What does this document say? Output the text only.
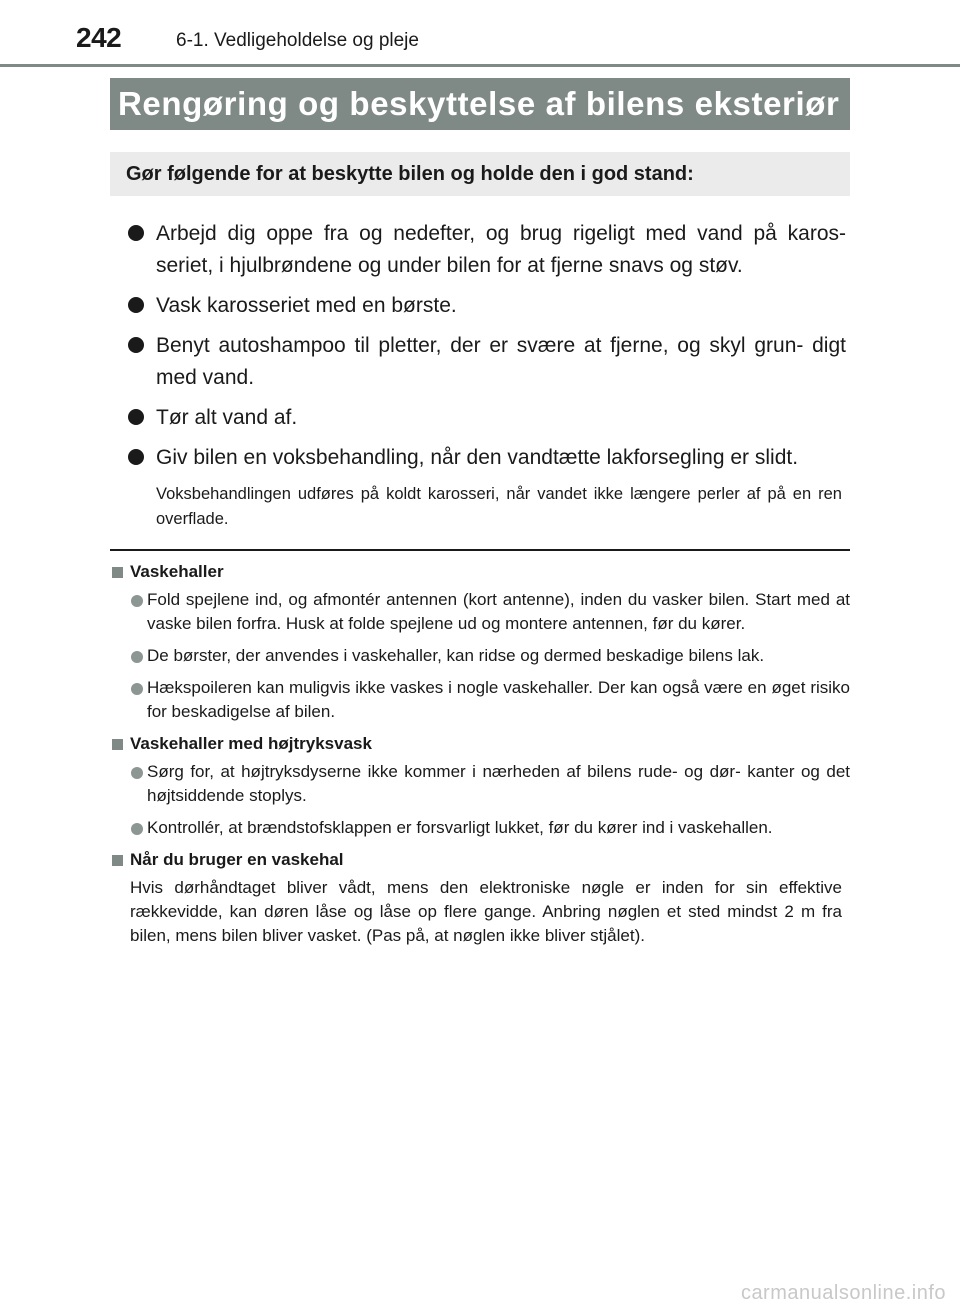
242	6-1. Vedligeholdelse og pleje
Rengøring og beskyttelse af bilens eksteriør
Gør følgende for at beskytte bilen og holde den i god stand:
Arbejd dig oppe fra og nedefter, og brug rigeligt med vand på karos- seriet, i hjulbrøndene og under bilen for at fjerne snavs og støv.
Vask karosseriet med en børste.
Benyt autoshampoo til pletter, der er svære at fjerne, og skyl grun- digt med vand.
Tør alt vand af.
Giv bilen en voksbehandling, når den vandtætte lakforsegling er slidt.
Voksbehandlingen udføres på koldt karosseri, når vandet ikke længere perler af på en ren overflade.
Vaskehaller
Fold spejlene ind, og afmontér antennen (kort antenne), inden du vasker bilen. Start med at vaske bilen forfra. Husk at folde spejlene ud og montere antennen, før du kører.
De børster, der anvendes i vaskehaller, kan ridse og dermed beskadige bilens lak.
Hækspoileren kan muligvis ikke vaskes i nogle vaskehaller. Der kan også være en øget risiko for beskadigelse af bilen.
Vaskehaller med højtryksvask
Sørg for, at højtryksdyserne ikke kommer i nærheden af bilens rude- og dør- kanter og det højtsiddende stoplys.
Kontrollér, at brændstofsklappen er forsvarligt lukket, før du kører ind i vaskehallen.
Når du bruger en vaskehal
Hvis dørhåndtaget bliver vådt, mens den elektroniske nøgle er inden for sin effektive rækkevidde, kan døren låse og låse op flere gange. Anbring nøglen et sted mindst 2 m fra bilen, mens bilen bliver vasket. (Pas på, at nøglen ikke bliver stjålet).
carmanualsonline.info
